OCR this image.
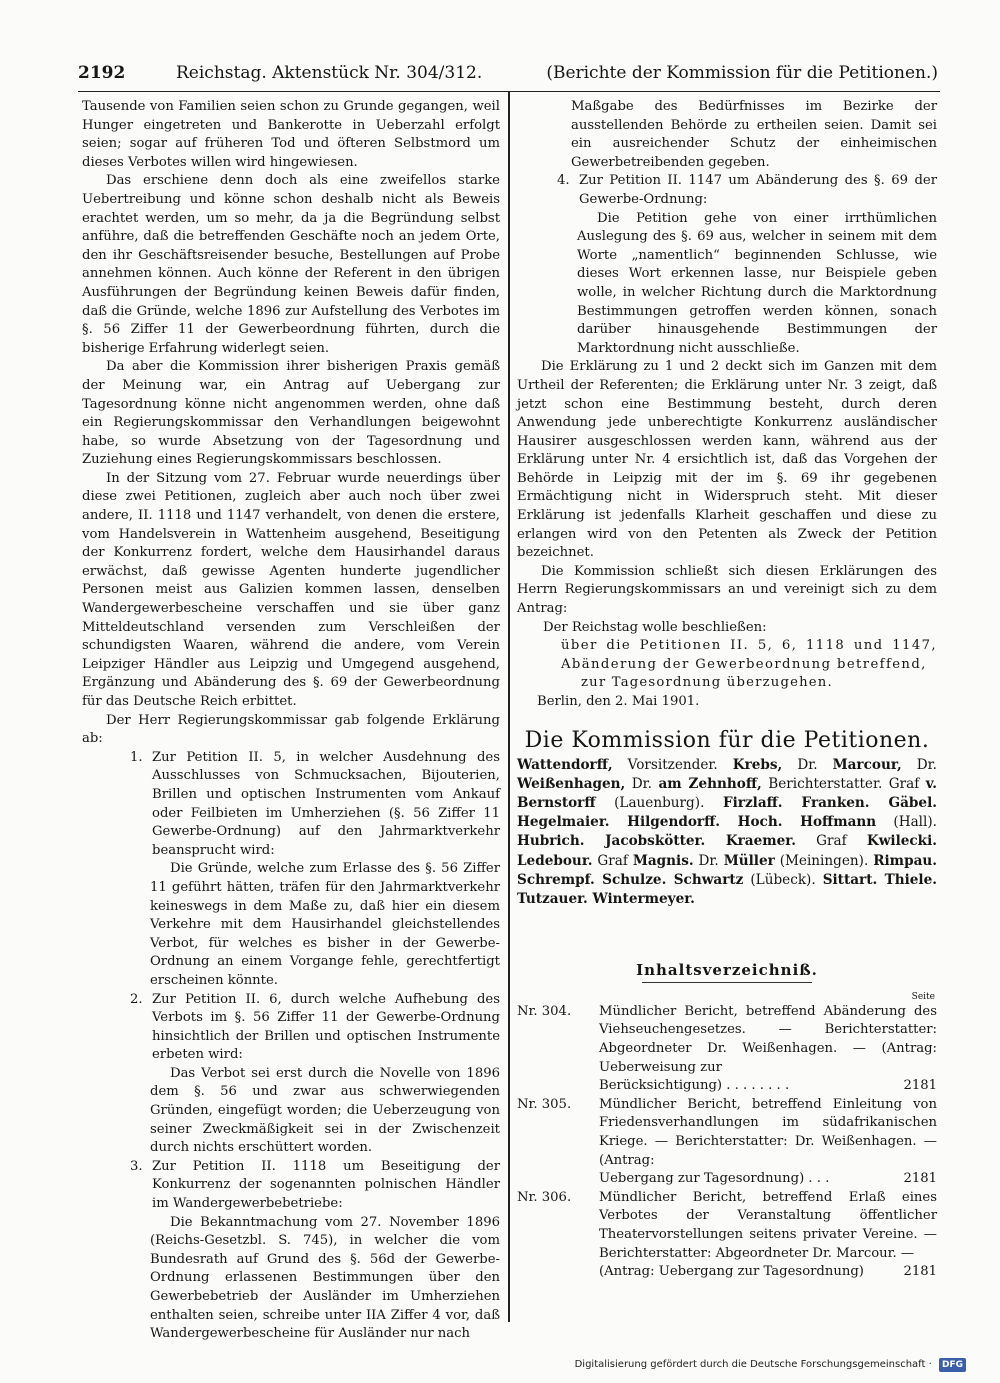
2192	Reichstag. Aktenstück Nr. 304/312.	(Berichte der Kommission für die Petitionen.)

Tausende von Familien seien schon zu Grunde gegangen, weil Hunger eingetreten und Bankerotte in Ueberzahl erfolgt seien; sogar auf früheren Tod und öfteren Selbstmord um dieses Verbotes willen wird hingewiesen.

Das erschiene denn doch als eine zweifellos starke Uebertreibung und könne schon deshalb nicht als Beweis erachtet werden, um so mehr, da ja die Begründung selbst anführe, daß die betreffenden Geschäfte noch an jedem Orte, den ihr Geschäftsreisender besuche, Bestellungen auf Probe annehmen können. Auch könne der Referent in den übrigen Ausführungen der Begründung keinen Beweis dafür finden, daß die Gründe, welche 1896 zur Aufstellung des Verbotes im §. 56 Ziffer 11 der Gewerbeordnung führten, durch die bisherige Erfahrung widerlegt seien.

Da aber die Kommission ihrer bisherigen Praxis gemäß der Meinung war, ein Antrag auf Uebergang zur Tagesordnung könne nicht angenommen werden, ohne daß ein Regierungskommissar den Verhandlungen beigewohnt habe, so wurde Absetzung von der Tagesordnung und Zuziehung eines Regierungskommissars beschlossen.

In der Sitzung vom 27. Februar wurde neuerdings über diese zwei Petitionen, zugleich aber auch noch über zwei andere, II. 1118 und 1147 verhandelt, von denen die erstere, vom Handelsverein in Wattenheim ausgehend, Beseitigung der Konkurrenz fordert, welche dem Hausirhandel daraus erwächst, daß gewisse Agenten hunderte jugendlicher Personen meist aus Galizien kommen lassen, denselben Wandergewerbescheine verschaffen und sie über ganz Mitteldeutschland versenden zum Verschleißen der schundigsten Waaren, während die andere, vom Verein Leipziger Händler aus Leipzig und Umgegend ausgehend, Ergänzung und Abänderung des §. 69 der Gewerbeordnung für das Deutsche Reich erbittet.

Der Herr Regierungskommissar gab folgende Erklärung ab:

1. Zur Petition II. 5, in welcher Ausdehnung des Ausschlusses von Schmucksachen, Bijouterien, Brillen und optischen Instrumenten vom Ankauf oder Feilbieten im Umherziehen (§. 56 Ziffer 11 Gewerbe-Ordnung) auf den Jahrmarktverkehr beansprucht wird:

Die Gründe, welche zum Erlasse des §. 56 Ziffer 11 geführt hätten, träfen für den Jahrmarktverkehr keineswegs in dem Maße zu, daß hier ein diesem Verkehre mit dem Hausirhandel gleichstellendes Verbot, für welches es bisher in der Gewerbe-Ordnung an einem Vorgange fehle, gerechtfertigt erscheinen könnte.

2. Zur Petition II. 6, durch welche Aufhebung des Verbots im §. 56 Ziffer 11 der Gewerbe-Ordnung hinsichtlich der Brillen und optischen Instrumente erbeten wird:

Das Verbot sei erst durch die Novelle von 1896 dem §. 56 und zwar aus schwerwiegenden Gründen, eingefügt worden; die Ueberzeugung von seiner Zweckmäßigkeit sei in der Zwischenzeit durch nichts erschüttert worden.

3. Zur Petition II. 1118 um Beseitigung der Konkurrenz der sogenannten polnischen Händler im Wandergewerbebetriebe:

Die Bekanntmachung vom 27. November 1896 (Reichs-Gesetzbl. S. 745), in welcher die vom Bundesrath auf Grund des §. 56d der Gewerbe-Ordnung erlassenen Bestimmungen über den Gewerbebetrieb der Ausländer im Umherziehen enthalten seien, schreibe unter IIA Ziffer 4 vor, daß Wandergewerbescheine für Ausländer nur nach

Maßgabe des Bedürfnisses im Bezirke der ausstellenden Behörde zu ertheilen seien. Damit sei ein ausreichender Schutz der einheimischen Gewerbetreibenden gegeben.

4. Zur Petition II. 1147 um Abänderung des §. 69 der Gewerbe-Ordnung:

Die Petition gehe von einer irrthümlichen Auslegung des §. 69 aus, welcher in seinem mit dem Worte „namentlich“ beginnenden Schlusse, wie dieses Wort erkennen lasse, nur Beispiele geben wolle, in welcher Richtung durch die Marktordnung Bestimmungen getroffen werden können, sonach darüber hinausgehende Bestimmungen der Marktordnung nicht ausschließe.

Die Erklärung zu 1 und 2 deckt sich im Ganzen mit dem Urtheil der Referenten; die Erklärung unter Nr. 3 zeigt, daß jetzt schon eine Bestimmung besteht, durch deren Anwendung jede unberechtigte Konkurrenz ausländischer Hausirer ausgeschlossen werden kann, während aus der Erklärung unter Nr. 4 ersichtlich ist, daß das Vorgehen der Behörde in Leipzig mit der im §. 69 ihr gegebenen Ermächtigung nicht in Widerspruch steht. Mit dieser Erklärung ist jedenfalls Klarheit geschaffen und diese zu erlangen wird von den Petenten als Zweck der Petition bezeichnet.

Die Kommission schließt sich diesen Erklärungen des Herrn Regierungskommissars an und vereinigt sich zu dem Antrag:

Der Reichstag wolle beschließen:

über die Petitionen II. 5, 6, 1118 und 1147, Abänderung der Gewerbeordnung betreffend,

zur Tagesordnung überzugehen.

Berlin, den 2. Mai 1901.

Die Kommission für die Petitionen.

Wattendorff, Vorsitzender. Krebs, Dr. Marcour, Dr. Weißenhagen, Dr. am Zehnhoff, Berichterstatter. Graf v. Bernstorff (Lauenburg). Firzlaff. Franken. Gäbel. Hegelmaier. Hilgendorff. Hoch. Hoffmann (Hall). Hubrich. Jacobskötter. Kraemer. Graf Kwilecki. Ledebour. Graf Magnis. Dr. Müller (Meiningen). Rimpau. Schrempf. Schulze. Schwartz (Lübeck). Sittart. Thiele. Tutzauer. Wintermeyer.

Inhaltsverzeichniß.
Seite
Nr. 304.	Mündlicher Bericht, betreffend Abänderung des Viehseuchengesetzes. — Berichterstatter: Abgeordneter Dr. Weißenhagen. — (Antrag: Ueberweisung zur
Berücksichtigung) . . . . . . . .	2181
Nr. 305.	Mündlicher Bericht, betreffend Einleitung von Friedensverhandlungen im südafrikanischen Kriege. — Berichterstatter: Dr. Weißenhagen. — (Antrag:
Uebergang zur Tagesordnung) . . .	2181
Nr. 306.	Mündlicher Bericht, betreffend Erlaß eines Verbotes der Veranstaltung öffentlicher Theatervorstellungen seitens privater Vereine. — Berichterstatter: Abgeordneter Dr. Marcour. —
(Antrag: Uebergang zur Tagesordnung)	2181
Digitalisierung gefördert durch die Deutsche Forschungsgemeinschaft · DFG
